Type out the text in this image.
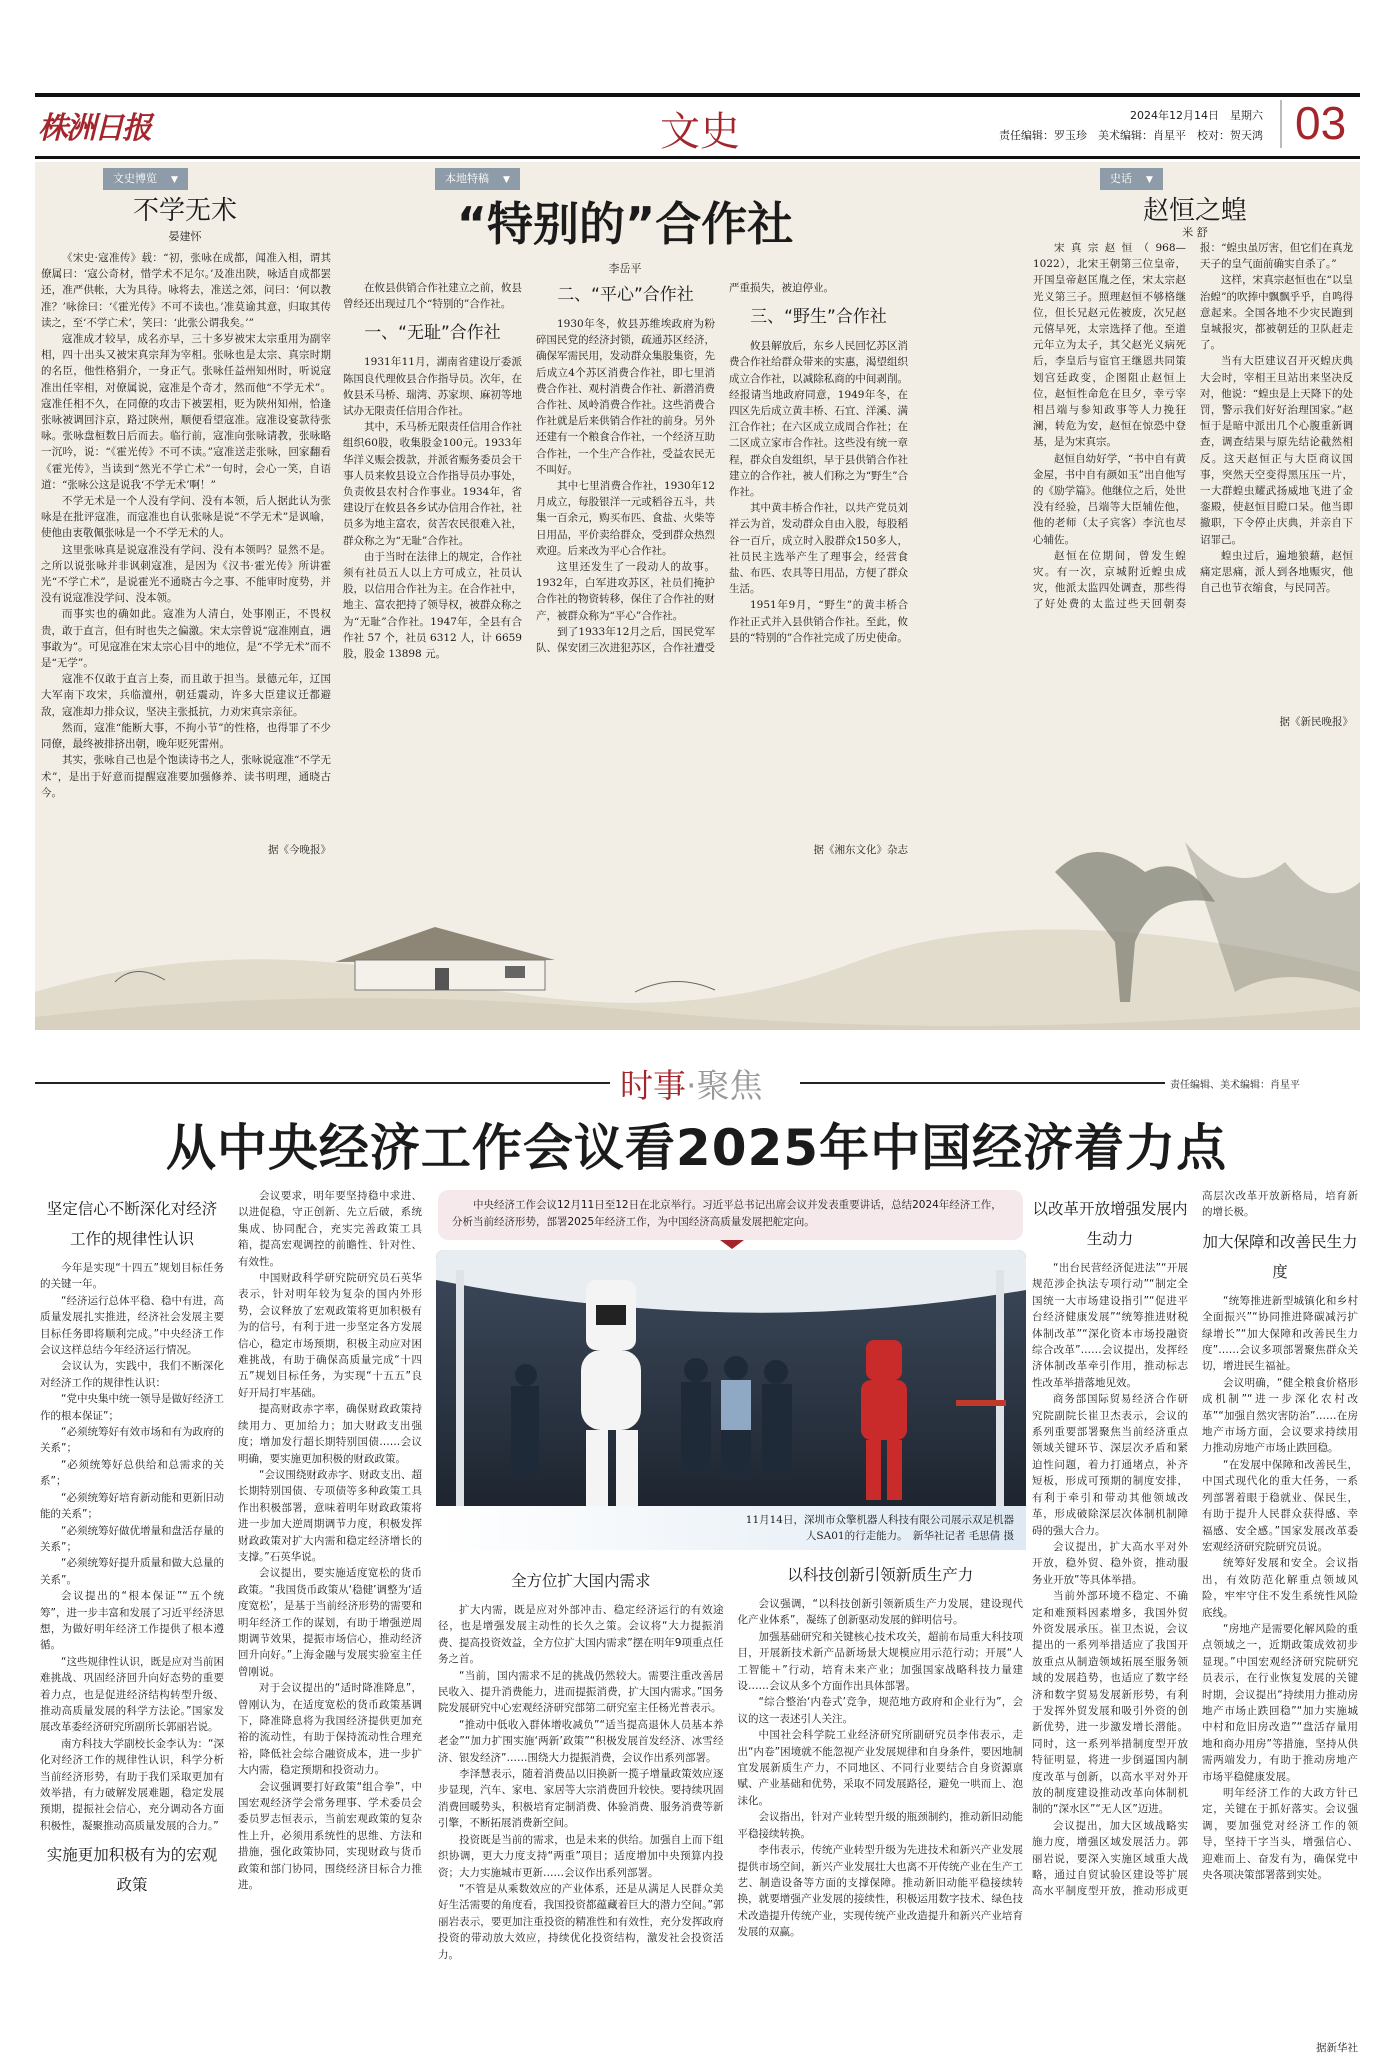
株洲日报	文史	2024年12月14日　星期六
责任编辑：罗玉珍　美术编辑：肖星平　校对：贺天鸿 03
文史博览 ▼
不学无术
晏建怀

《宋史·寇准传》载：“初，张咏在成都，闻准入相，谓其僚属曰：‘寇公奇材，惜学术不足尔。’及准出陕，咏适自成都罢还，准严供帐，大为具待。咏将去，准送之郊，问曰：‘何以教准？’咏徐曰：‘《霍光传》不可不读也。’准莫谕其意，归取其传读之，至‘不学亡术’，笑曰：‘此张公谓我矣。’”

寇准成才较早，成名亦早，三十多岁被宋太宗重用为副宰相，四十出头又被宋真宗拜为宰相。张咏也是太宗、真宗时期的名臣，他性格狷介，一身正气。张咏任益州知州时，听说寇准出任宰相，对僚属说，寇准是个奇才，然而他“不学无术”。寇准任相不久，在同僚的攻击下被罢相，贬为陕州知州，恰逢张咏被调回汴京，路过陕州，顺便看望寇准。寇准设宴款待张咏。张咏盘桓数日后而去。临行前，寇准向张咏请教，张咏略一沉吟，说：“《霍光传》不可不读。”寇准送走张咏，回家翻看《霍光传》，当读到“然光不学亡术”一句时，会心一笑，自语道：“张咏公这是说我‘不学无术’啊！”

不学无术是一个人没有学问、没有本领，后人据此认为张咏是在批评寇准，而寇准也自认张咏是说“不学无术”是讽喻，使他由衷敬佩张咏是一个不学无术的人。

这里张咏真是说寇准没有学问、没有本领吗？显然不是。之所以说张咏并非讽刺寇准，是因为《汉书·霍光传》所讲霍光“不学亡术”，是说霍光不通晓古今之事、不能审时度势，并没有说寇准没学问、没本领。

而事实也的确如此。寇准为人清白，处事刚正，不畏权贵，敢于直言，但有时也失之偏激。宋太宗曾说“寇准刚直，遇事敢为”。可见寇准在宋太宗心目中的地位，是“不学无术”而不是“无学”。

寇准不仅敢于直言上奏，而且敢于担当。景德元年，辽国大军南下攻宋，兵临澶州，朝廷震动，许多大臣建议迁都避敌，寇准却力排众议，坚决主张抵抗，力劝宋真宗亲征。

然而，寇准“能断大事，不拘小节”的性格，也得罪了不少同僚，最终被排挤出朝，晚年贬死雷州。

其实，张咏自己也是个饱读诗书之人，张咏说寇准“不学无术”，是出于好意而提醒寇准要加强修养、读书明理，通晓古今。

据《今晚报》
本地特稿 ▼
“特别的”合作社
李岳平

在攸县供销合作社建立之前，攸县曾经还出现过几个“特别的”合作社。

一、“无耻”合作社

1931年11月，湖南省建设厅委派陈国良代理攸县合作指导员。次年，在攸县禾马桥、瑞湾、苏家坝、麻初等地试办无限责任信用合作社。

其中，禾马桥无限责任信用合作社组织60股，收集股金100元。1933年华洋义赈会拨款，并派省赈务委员会干事人员来攸县设立合作指导员办事处，负责攸县农村合作事业。1934年，省建设厅在攸县各乡试办信用合作社，社员多为地主富农，贫苦农民很难入社，群众称之为“无耻”合作社。

由于当时在法律上的规定，合作社须有社员五人以上方可成立，社员认股，以信用合作社为主。在合作社中，地主、富农把持了领导权，被群众称之为“无耻”合作社。1947年，全县有合作社 57 个，社员 6312 人，计 6659 股，股金 13898 元。

二、“平心”合作社

1930年冬，攸县苏维埃政府为粉碎国民党的经济封锁，疏通苏区经济，确保军需民用，发动群众集股集资，先后成立4个苏区消费合作社，即七里消费合作社、观村消费合作社、新潜消费合作社、凤岭消费合作社。这些消费合作社就是后来供销合作社的前身。另外还建有一个粮食合作社，一个经济互助合作社，一个生产合作社，受益农民无不叫好。

其中七里消费合作社，1930年12月成立，每股银洋一元或稻谷五斗，共集一百余元，购买布匹、食盐、火柴等日用品，平价卖给群众，受到群众热烈欢迎。后来改为平心合作社。

这里还发生了一段动人的故事。1932年，白军进攻苏区，社员们掩护合作社的物资转移，保住了合作社的财产，被群众称为“平心”合作社。

到了1933年12月之后，国民党军队、保安团三次进犯苏区，合作社遭受严重损失，被迫停业。

三、“野生”合作社

攸县解放后，东乡人民回忆苏区消费合作社给群众带来的实惠，渴望组织成立合作社，以减除私商的中间剥削。经报请当地政府同意，1949年冬，在四区先后成立黄丰桥、石宜、洋溪、满江合作社；在六区成立成周合作社；在二区成立家市合作社。这些没有统一章程，群众自发组织，早于县供销合作社建立的合作社，被人们称之为“野生”合作社。

其中黄丰桥合作社，以共产党员刘祥云为首，发动群众自由入股，每股稻谷一百斤，成立时入股群众150多人，社员民主选举产生了理事会，经营食盐、布匹、农具等日用品，方便了群众生活。

1951年9月，“野生”的黄丰桥合作社正式并入县供销合作社。至此，攸县的“特别的”合作社完成了历史使命。

据《湘东文化》杂志
史话 ▼
赵恒之蝗
米 舒

宋真宗赵恒（968—1022），北宋王朝第三位皇帝，开国皇帝赵匡胤之侄，宋太宗赵光义第三子。照理赵恒不够格继位，但长兄赵元佐被废，次兄赵元僖早死，太宗选择了他。至道元年立为太子，其父赵光义病死后，李皇后与宦官王继恩共同策划宫廷政变，企图阻止赵恒上位，赵恒性命危在旦夕，幸亏宰相吕端与参知政事等人力挽狂澜，转危为安，赵恒在惊恐中登基，是为宋真宗。

赵恒自幼好学，“书中自有黄金屋，书中自有颜如玉”出自他写的《励学篇》。他继位之后，处世没有经验，吕端等大臣辅佐他，他的老师（太子宾客）李沆也尽心辅佐。

赵恒在位期间，曾发生蝗灾。有一次，京城附近蝗虫成灾，他派太监四处调查，那些得了好处费的太监过些天回朝奏报：“蝗虫虽厉害，但它们在真龙天子的皇气面前确实自杀了。”

这样，宋真宗赵恒也在“以皇治蝗”的吹捧中飘飘乎乎，自鸣得意起来。全国各地不少灾民跑到皇城报灾，都被朝廷的卫队赶走了。

当有大臣建议召开灭蝗庆典大会时，宰相王旦站出来坚决反对，他说：“蝗虫是上天降下的处罚，警示我们好好治理国家。”赵恒于是暗中派出几个心腹重新调查，调查结果与原先结论截然相反。这天赵恒正与大臣商议国事，突然天空变得黑压压一片，一大群蝗虫耀武扬威地飞进了金銮殿，使赵恒目瞪口呆。他当即撤职，下令停止庆典，并亲自下诏罪己。

蝗虫过后，遍地狼藉，赵恒痛定思痛，派人到各地赈灾，他自己也节衣缩食，与民同苦。

据《新民晚报》
时事·聚焦	责任编辑、美术编辑：肖星平
从中央经济工作会议看2025年中国经济着力点
坚定信心不断深化对经济工作的规律性认识

今年是实现“十四五”规划目标任务的关键一年。

“经济运行总体平稳、稳中有进，高质量发展扎实推进，经济社会发展主要目标任务即将顺利完成。”中央经济工作会议这样总结今年经济运行情况。

会议认为，实践中，我们不断深化对经济工作的规律性认识：

“党中央集中统一领导是做好经济工作的根本保证”；

“必须统筹好有效市场和有为政府的关系”；

“必须统筹好总供给和总需求的关系”；

“必须统筹好培育新动能和更新旧动能的关系”；

“必须统筹好做优增量和盘活存量的关系”；

“必须统筹好提升质量和做大总量的关系”。

会议提出的“根本保证”“五个统筹”，进一步丰富和发展了习近平经济思想，为做好明年经济工作提供了根本遵循。

“这些规律性认识，既是应对当前困难挑战、巩固经济回升向好态势的重要着力点，也是促进经济结构转型升级、推动高质量发展的科学方法论。”国家发展改革委经济研究所副所长郭丽岩说。

南方科技大学副校长金李认为：“深化对经济工作的规律性认识，科学分析当前经济形势，有助于我们采取更加有效举措，有力破解发展难题，稳定发展预期，提振社会信心，充分调动各方面积极性，凝聚推动高质量发展的合力。”

实施更加积极有为的宏观政策

会议要求，明年要坚持稳中求进、以进促稳，守正创新、先立后破，系统集成、协同配合，充实完善政策工具箱，提高宏观调控的前瞻性、针对性、有效性。

中国财政科学研究院研究员石英华表示，针对明年较为复杂的国内外形势，会议释放了宏观政策将更加积极有为的信号，有利于进一步坚定各方发展信心，稳定市场预期，积极主动应对困难挑战，有助于确保高质量完成“十四五”规划目标任务，为实现“十五五”良好开局打牢基础。

提高财政赤字率，确保财政政策持续用力、更加给力；加大财政支出强度；增加发行超长期特别国债……会议明确，要实施更加积极的财政政策。

“会议围绕财政赤字、财政支出、超长期特别国债、专项债等多种政策工具作出积极部署，意味着明年财政政策将进一步加大逆周期调节力度，积极发挥财政政策对扩大内需和稳定经济增长的支撑。”石英华说。

会议提出，要实施适度宽松的货币政策。“我国货币政策从‘稳健’调整为‘适度宽松’，是基于当前经济形势的需要和明年经济工作的谋划，有助于增强逆周期调节效果，提振市场信心，推动经济回升向好。”上海金融与发展实验室主任曾刚说。

对于会议提出的“适时降准降息”，曾刚认为，在适度宽松的货币政策基调下，降准降息将为我国经济提供更加充裕的流动性，有助于保持流动性合理充裕，降低社会综合融资成本，进一步扩大内需，稳定预期和投资动力。

会议强调要打好政策“组合拳”，中国宏观经济学会常务理事、学术委员会委员罗志恒表示，当前宏观政策的复杂性上升，必须用系统性的思维、方法和措施，强化政策协同，实现财政与货币政策和部门协同，围绕经济目标合力推进。

中央经济工作会议12月11日至12日在北京举行。习近平总书记出席会议并发表重要讲话，总结2024年经济工作，分析当前经济形势，部署2025年经济工作，为中国经济高质量发展把舵定向。
11月14日，深圳市众擎机器人科技有限公司展示双足机器人SA01的行走能力。　新华社记者 毛思倩 摄
全方位扩大国内需求

扩大内需，既是应对外部冲击、稳定经济运行的有效途径，也是增强发展主动性的长久之策。会议将“大力提振消费、提高投资效益，全方位扩大国内需求”摆在明年9项重点任务之首。

“当前，国内需求不足的挑战仍然较大。需要注重改善居民收入、提升消费能力，进而提振消费，扩大国内需求。”国务院发展研究中心宏观经济研究部第二研究室主任杨光普表示。

“推动中低收入群体增收减负”“适当提高退休人员基本养老金”“加力扩围实施‘两新’政策”“积极发展首发经济、冰雪经济、银发经济”……围绕大力提振消费，会议作出系列部署。

李泽慧表示，随着消费品以旧换新一揽子增量政策效应逐步显现，汽车、家电、家居等大宗消费回升较快。要持续巩固消费回暖势头，积极培育定制消费、体验消费、服务消费等新引擎，不断拓展消费新空间。

投资既是当前的需求，也是未来的供给。加强自上而下组织协调，更大力度支持“两重”项目；适度增加中央预算内投资；大力实施城市更新……会议作出系列部署。

“不管是从乘数效应的产业体系，还是从满足人民群众美好生活需要的角度看，我国投资都蕴藏着巨大的潜力空间。”郭丽岩表示，要更加注重投资的精准性和有效性，充分发挥政府投资的带动放大效应，持续优化投资结构，激发社会投资活力。

以科技创新引领新质生产力

会议强调，“以科技创新引领新质生产力发展，建设现代化产业体系”，凝练了创新驱动发展的鲜明信号。

加强基础研究和关键核心技术攻关，超前布局重大科技项目，开展新技术新产品新场景大规模应用示范行动；开展“人工智能＋”行动，培育未来产业；加强国家战略科技力量建设……会议从多个方面作出具体部署。

“综合整治‘内卷式’竞争，规范地方政府和企业行为”，会议的这一表述引人关注。

中国社会科学院工业经济研究所副研究员李伟表示，走出“内卷”困境就不能忽视产业发展规律和自身条件，要因地制宜发展新质生产力，不同地区、不同行业要结合自身资源禀赋、产业基础和优势，采取不同发展路径，避免一哄而上、泡沫化。

会议指出，针对产业转型升级的瓶颈制约，推动新旧动能平稳接续转换。

李伟表示，传统产业转型升级为先进技术和新兴产业发展提供市场空间，新兴产业发展壮大也离不开传统产业在生产工艺、制造设备等方面的支撑保障。推动新旧动能平稳接续转换，就要增强产业发展的接续性，积极运用数字技术、绿色技术改造提升传统产业，实现传统产业改造提升和新兴产业培育发展的双赢。

以改革开放增强发展内生动力

“出台民营经济促进法”“开展规范涉企执法专项行动”“制定全国统一大市场建设指引”“促进平台经济健康发展”“统筹推进财税体制改革”“深化资本市场投融资综合改革”……会议提出，发挥经济体制改革牵引作用，推动标志性改革举措落地见效。

商务部国际贸易经济合作研究院副院长崔卫杰表示，会议的系列重要部署聚焦当前经济重点领域关键环节、深层次矛盾和紧迫性问题，着力打通堵点，补齐短板，形成可预期的制度安排，有利于牵引和带动其他领域改革，形成破除深层次体制机制障碍的强大合力。

会议提出，扩大高水平对外开放，稳外贸、稳外资，推动服务业开放”等具体举措。

当前外部环境不稳定、不确定和难预料因素增多，我国外贸外资发展承压。崔卫杰说，会议提出的一系列举措适应了我国开放重点从制造领域拓展至服务领域的发展趋势，也适应了数字经济和数字贸易发展新形势，有利于发挥外贸发展和吸引外资的创新优势，进一步激发增长潜能。同时，这一系列举措制度型开放特征明显，将进一步倒逼国内制度改革与创新，以高水平对外开放的制度建设推动改革向体制机制的“深水区”“无人区”迈进。

会议提出，加大区域战略实施力度，增强区域发展活力。郭丽岩说，要深入实施区域重大战略，通过自贸试验区建设等扩展高水平制度型开放，推动形成更高层次改革开放新格局，培育新的增长极。

加大保障和改善民生力度

“统筹推进新型城镇化和乡村全面振兴”“协同推进降碳减污扩绿增长”“加大保障和改善民生力度”……会议多项部署聚焦群众关切，增进民生福祉。

会议明确，“健全粮食价格形成机制”“进一步深化农村改革”“加强自然灾害防治”……在房地产市场方面，会议要求持续用力推动房地产市场止跌回稳。

“在发展中保障和改善民生，中国式现代化的重大任务，一系列部署着眼于稳就业、保民生，有助于提升人民群众获得感、幸福感、安全感。”国家发展改革委宏观经济研究院研究员说。

统筹好发展和安全。会议指出，有效防范化解重点领域风险，牢牢守住不发生系统性风险底线。

“房地产是需要化解风险的重点领域之一，近期政策成效初步显现。”中国宏观经济研究院研究员表示，在行业恢复发展的关键时期，会议提出“持续用力推动房地产市场止跌回稳”“加力实施城中村和危旧房改造”“盘活存量用地和商办用房”等措施，坚持从供需两端发力，有助于推动房地产市场平稳健康发展。

明年经济工作的大政方针已定，关键在于抓好落实。会议强调，要加强党对经济工作的领导，坚持干字当头，增强信心、迎难而上、奋发有为，确保党中央各项决策部署落到实处。

据新华社
